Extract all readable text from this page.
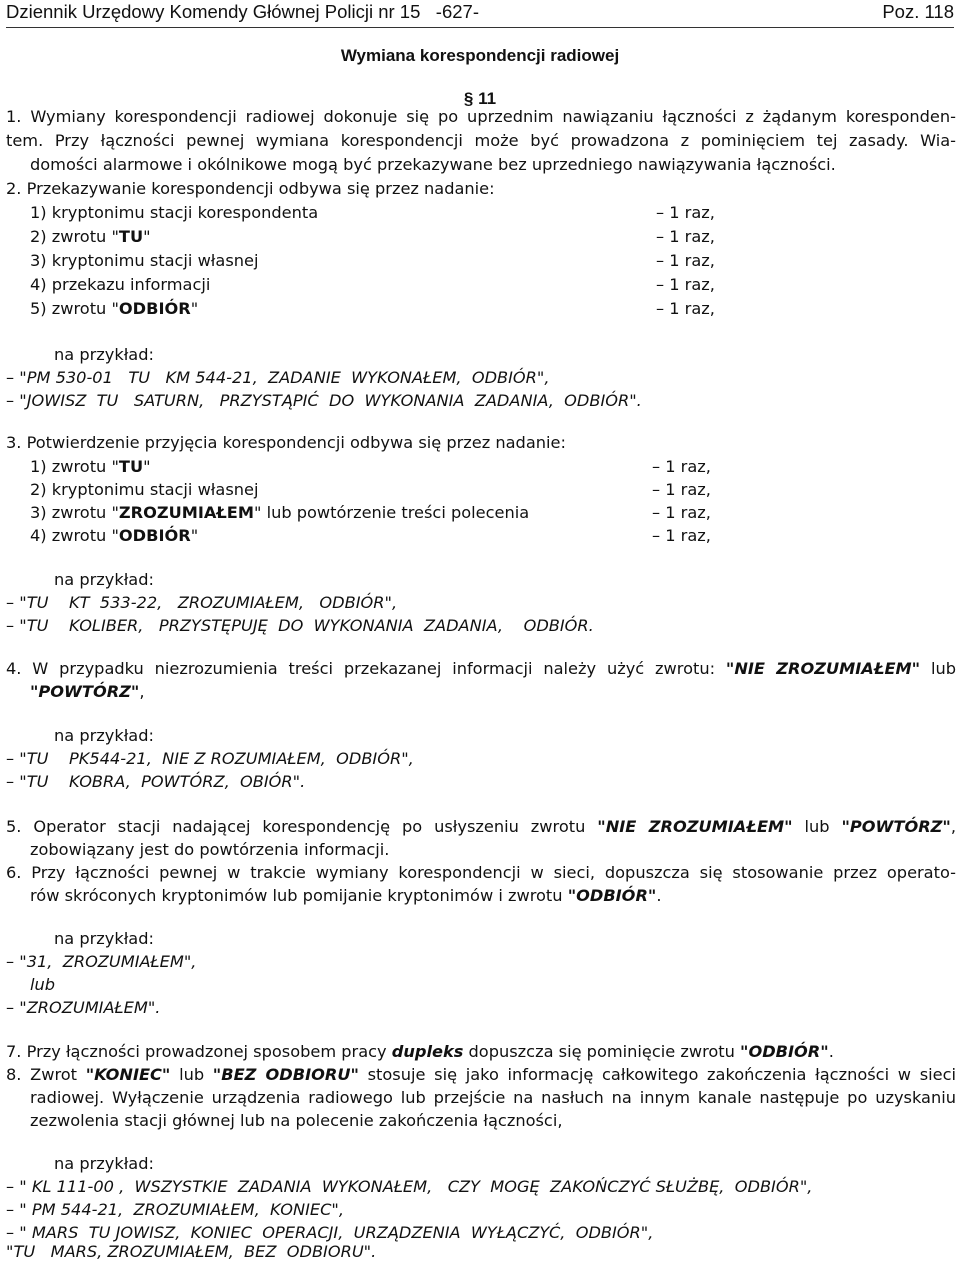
Dziennik Urzędowy Komendy Głównej Policji nr 15   -627-	Poz. 118
Wymiana korespondencji radiowej
§ 11
1. Wymiany korespondencji radiowej dokonuje się po uprzednim nawiązaniu łączności z żądanym koresponden-
tem. Przy łączności pewnej wymiana korespondencji może być prowadzona z pominięciem tej zasady. Wia-
domości alarmowe i okólnikowe mogą być przekazywane bez uprzedniego nawiązywania łączności.
2. Przekazywanie korespondencji odbywa się przez nadanie:
1) kryptonimu stacji korespondenta	– 1 raz,
2) zwrotu "TU"	– 1 raz,
3) kryptonimu stacji własnej	– 1 raz,
4) przekazu informacji	– 1 raz,
5) zwrotu "ODBIÓR"	– 1 raz,
na przykład:
– "PM 530-01   TU   KM 544-21,  ZADANIE  WYKONAŁEM,  ODBIÓR",
– "JOWISZ  TU   SATURN,   PRZYSTĄPIĆ  DO  WYKONANIA  ZADANIA,  ODBIÓR".
3. Potwierdzenie przyjęcia korespondencji odbywa się przez nadanie:
1) zwrotu "TU"	– 1 raz,
2) kryptonimu stacji własnej	– 1 raz,
3) zwrotu "ZROZUMIAŁEM" lub powtórzenie treści polecenia	– 1 raz,
4) zwrotu "ODBIÓR"	– 1 raz,
na przykład:
– "TU    KT  533-22,   ZROZUMIAŁEM,   ODBIÓR",
– "TU    KOLIBER,   PRZYSTĘPUJĘ  DO  WYKONANIA  ZADANIA,    ODBIÓR.
4. W przypadku niezrozumienia treści przekazanej informacji należy użyć zwrotu: "NIE ZROZUMIAŁEM" lub
"POWTÓRZ",
na przykład:
– "TU    PK544-21,  NIE Z ROZUMIAŁEM,  ODBIÓR",
– "TU    KOBRA,  POWTÓRZ,  OBIÓR".
5. Operator stacji nadającej korespondencję po usłyszeniu zwrotu "NIE ZROZUMIAŁEM" lub "POWTÓRZ",
zobowiązany jest do powtórzenia informacji.
6. Przy łączności pewnej w trakcie wymiany korespondencji w sieci, dopuszcza się stosowanie przez operato-
rów skróconych kryptonimów lub pomijanie kryptonimów i zwrotu "ODBIÓR".
na przykład:
– "31,  ZROZUMIAŁEM",
lub
– "ZROZUMIAŁEM".
7. Przy łączności prowadzonej sposobem pracy dupleks dopuszcza się pominięcie zwrotu "ODBIÓR".
8. Zwrot "KONIEC" lub "BEZ ODBIORU" stosuje się jako informację całkowitego zakończenia łączności w sieci
radiowej. Wyłączenie urządzenia radiowego lub przejście na nasłuch na innym kanale następuje po uzyskaniu
zezwolenia stacji głównej lub na polecenie zakończenia łączności,
na przykład:
– " KL 111-00 ,  WSZYSTKIE  ZADANIA  WYKONAŁEM,   CZY  MOGĘ  ZAKOŃCZYĆ SŁUŻBĘ,  ODBIÓR",
– " PM 544-21,  ZROZUMIAŁEM,  KONIEC",
– " MARS  TU JOWISZ,  KONIEC  OPERACJI,  URZĄDZENIA  WYŁĄCZYĆ,  ODBIÓR",
"TU   MARS, ZROZUMIAŁEM,  BEZ  ODBIORU".
